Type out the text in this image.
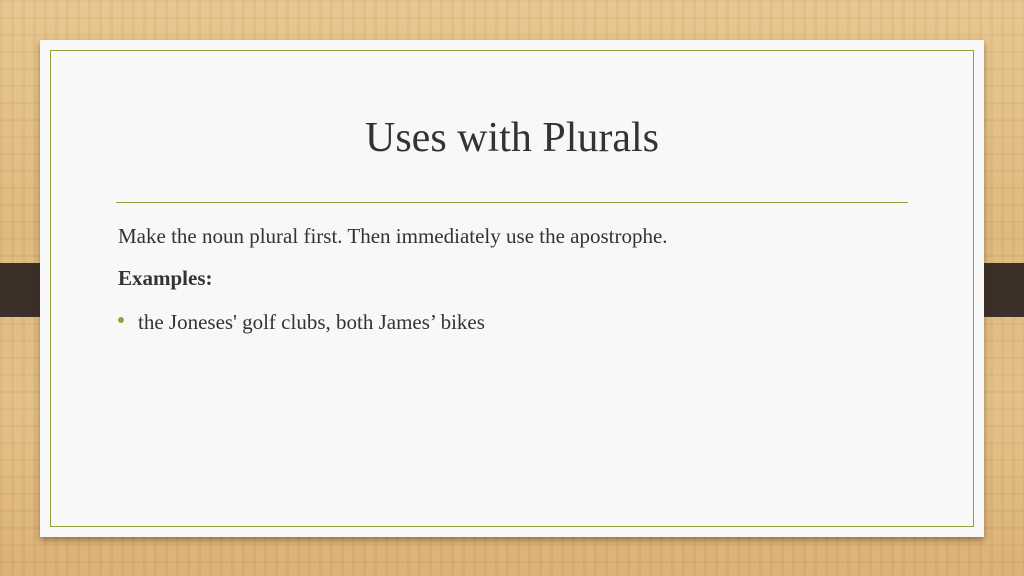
Uses with Plurals

Make the noun plural first. Then immediately use the apostrophe.

Examples:

the Joneses' golf clubs, both James’ bikes
